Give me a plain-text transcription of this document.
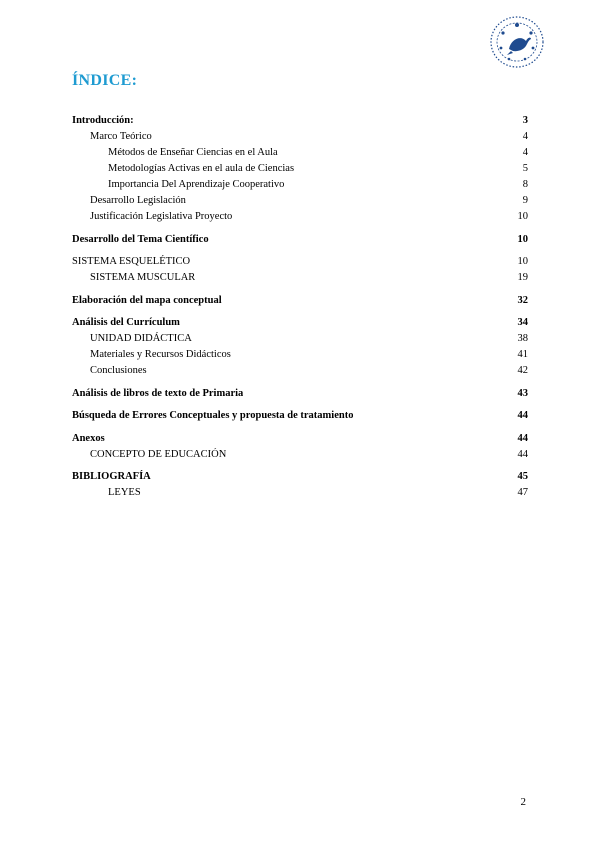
ÍNDICE:
Introducción:	3
Marco Teórico	4
Métodos de Enseñar Ciencias en el Aula	4
Metodologías Activas en el aula de Ciencias	5
Importancia Del Aprendizaje Cooperativo	8
Desarrollo Legislación	9
Justificación Legislativa Proyecto	10
Desarrollo del Tema Científico	10
SISTEMA ESQUELÉTICO	10
SISTEMA MUSCULAR	19
Elaboración del mapa conceptual	32
Análisis del Currículum	34
UNIDAD DIDÁCTICA	38
Materiales y Recursos Didácticos	41
Conclusiones	42
Análisis de libros de texto de Primaria	43
Búsqueda de Errores Conceptuales y propuesta de tratamiento	44
Anexos	44
CONCEPTO DE EDUCACIÓN	44
BIBLIOGRAFÍA	45
LEYES	47
2
